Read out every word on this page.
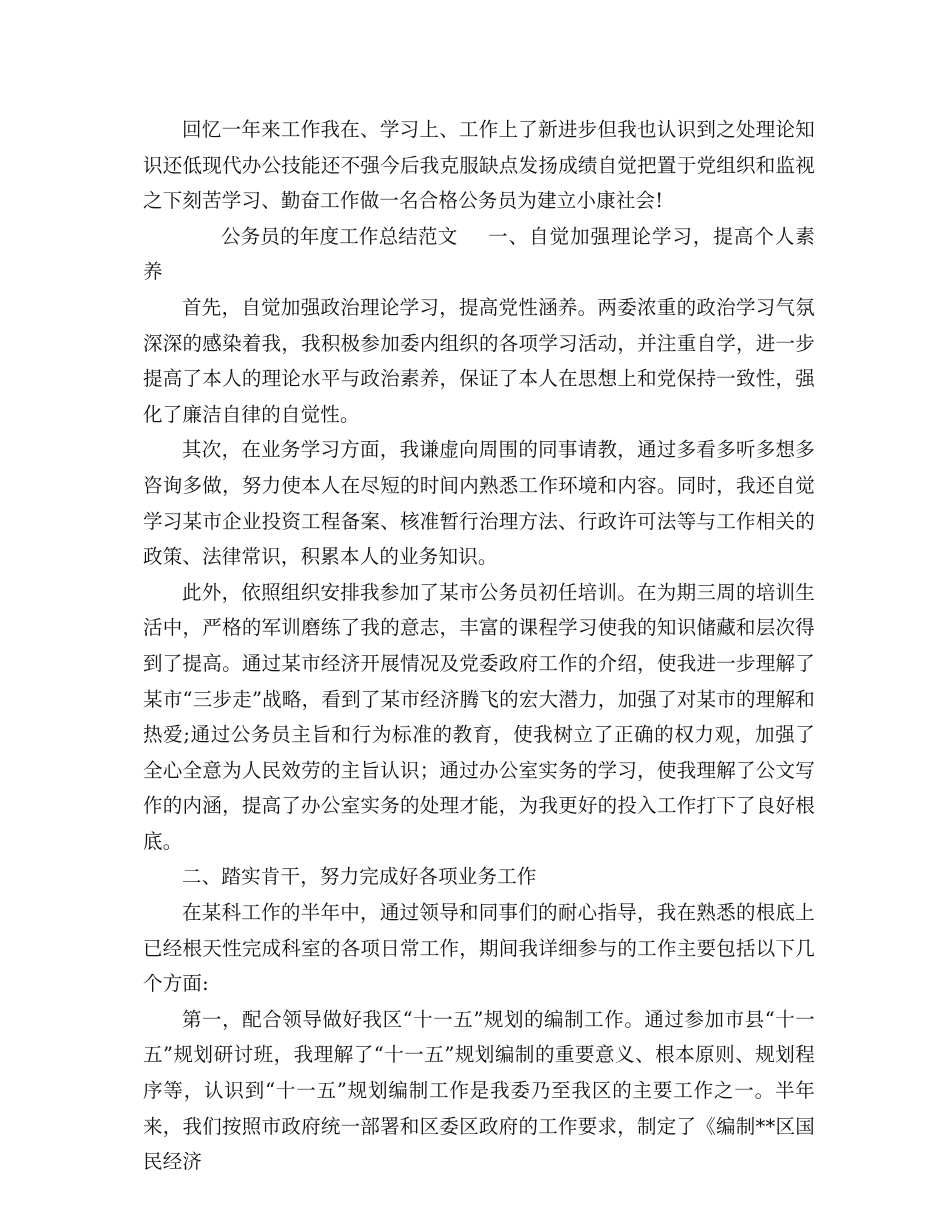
回忆一年来工作我在、学习上、工作上了新进步但我也认识到之处理论知识还低现代办公技能还不强今后我克服缺点发扬成绩自觉把置于党组织和监视之下刻苦学习、勤奋工作做一名合格公务员为建立小康社会!

公务员的年度工作总结范文 一、自觉加强理论学习，提高个人素养

首先，自觉加强政治理论学习，提高党性涵养。两委浓重的政治学习气氛深深的感染着我，我积极参加委内组织的各项学习活动，并注重自学，进一步提高了本人的理论水平与政治素养，保证了本人在思想上和党保持一致性，强化了廉洁自律的自觉性。

其次，在业务学习方面，我谦虚向周围的同事请教，通过多看多听多想多咨询多做，努力使本人在尽短的时间内熟悉工作环境和内容。同时，我还自觉学习某市企业投资工程备案、核准暂行治理方法、行政许可法等与工作相关的政策、法律常识，积累本人的业务知识。

此外，依照组织安排我参加了某市公务员初任培训。在为期三周的培训生活中，严格的军训磨练了我的意志，丰富的课程学习使我的知识储藏和层次得到了提高。通过某市经济开展情况及党委政府工作的介绍，使我进一步理解了某市“三步走”战略，看到了某市经济腾飞的宏大潜力，加强了对某市的理解和热爱;通过公务员主旨和行为标准的教育，使我树立了正确的权力观，加强了全心全意为人民效劳的主旨认识；通过办公室实务的学习，使我理解了公文写作的内涵，提高了办公室实务的处理才能，为我更好的投入工作打下了良好根底。

二、踏实肯干，努力完成好各项业务工作

在某科工作的半年中，通过领导和同事们的耐心指导，我在熟悉的根底上已经根天性完成科室的各项日常工作，期间我详细参与的工作主要包括以下几个方面:

第一，配合领导做好我区“十一五”规划的编制工作。通过参加市县“十一五”规划研讨班，我理解了“十一五”规划编制的重要意义、根本原则、规划程序等，认识到“十一五”规划编制工作是我委乃至我区的主要工作之一。半年来，我们按照市政府统一部署和区委区政府的工作要求，制定了《编制**区国民经济
